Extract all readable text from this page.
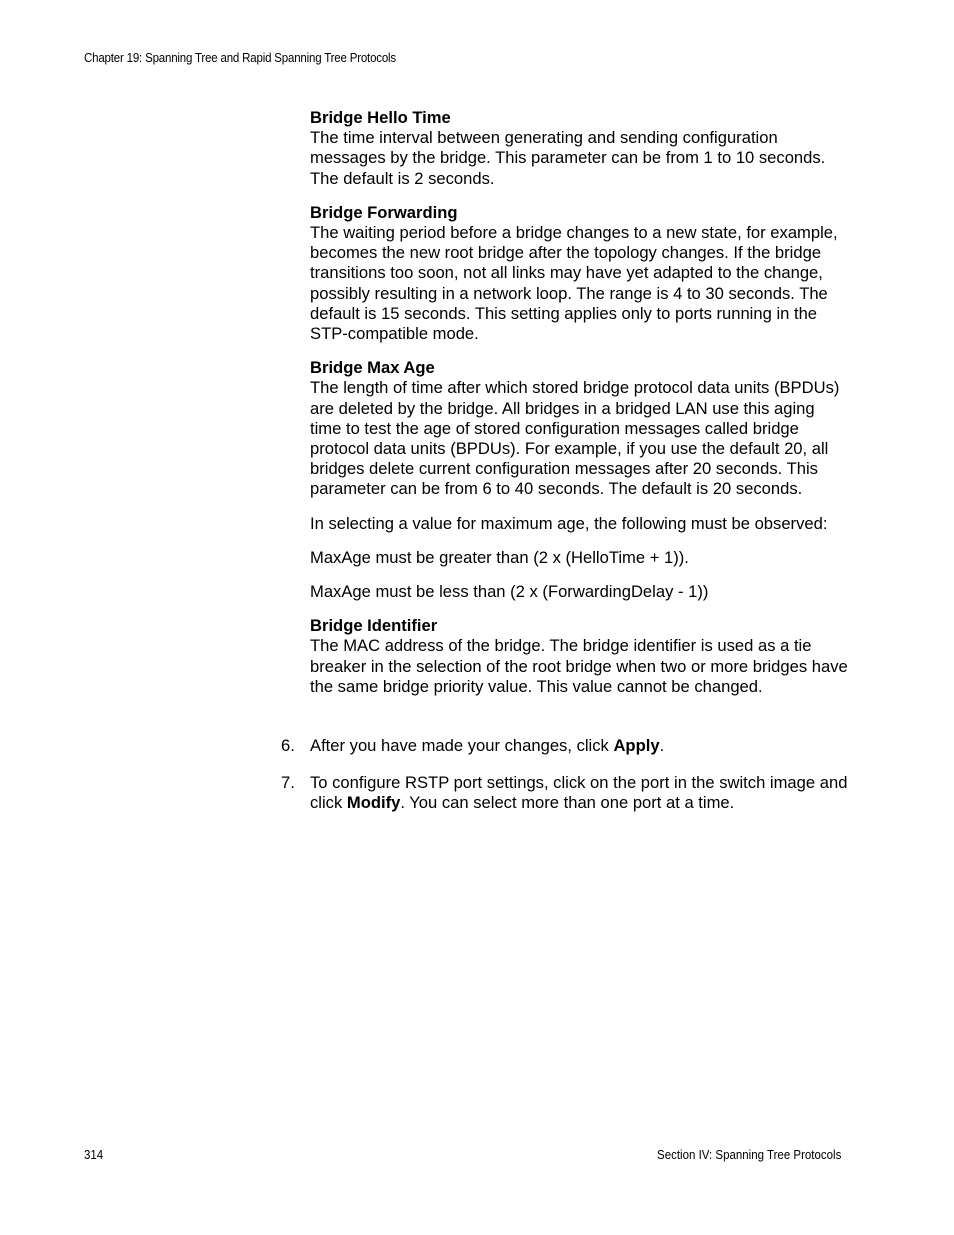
Chapter 19: Spanning Tree and Rapid Spanning Tree Protocols

Bridge Hello Time

The time interval between generating and sending configuration messages by the bridge. This parameter can be from 1 to 10 seconds. The default is 2 seconds.

Bridge Forwarding

The waiting period before a bridge changes to a new state, for example, becomes the new root bridge after the topology changes. If the bridge transitions too soon, not all links may have yet adapted to the change, possibly resulting in a network loop. The range is 4 to 30 seconds. The default is 15 seconds. This setting applies only to ports running in the STP-compatible mode.

Bridge Max Age

The length of time after which stored bridge protocol data units (BPDUs) are deleted by the bridge. All bridges in a bridged LAN use this aging time to test the age of stored configuration messages called bridge protocol data units (BPDUs). For example, if you use the default 20, all bridges delete current configuration messages after 20 seconds. This parameter can be from 6 to 40 seconds. The default is 20 seconds.

In selecting a value for maximum age, the following must be observed:

MaxAge must be greater than (2 x (HelloTime + 1)).

MaxAge must be less than (2 x (ForwardingDelay - 1))

Bridge Identifier

The MAC address of the bridge. The bridge identifier is used as a tie breaker in the selection of the root bridge when two or more bridges have the same bridge priority value. This value cannot be changed.

6. After you have made your changes, click Apply.
7. To configure RSTP port settings, click on the port in the switch image and click Modify. You can select more than one port at a time.
314	Section IV: Spanning Tree Protocols
